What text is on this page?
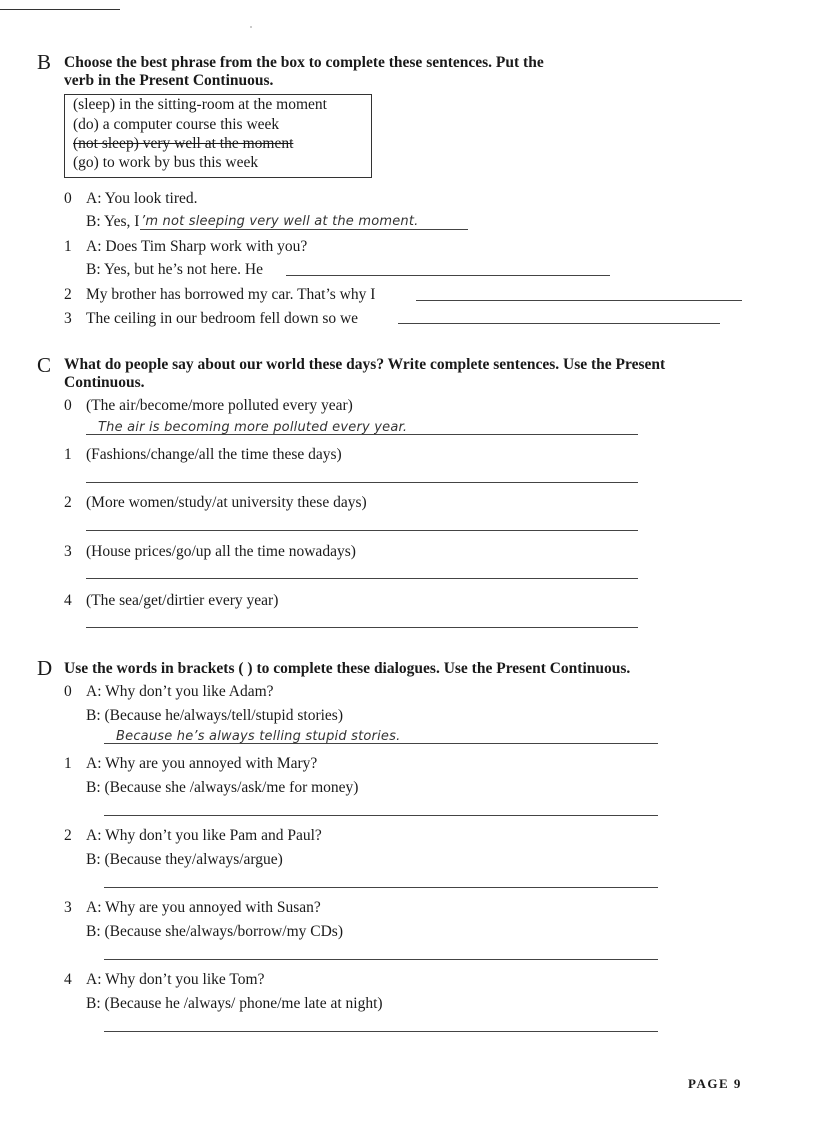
B Choose the best phrase from the box to complete these sentences. Put the
verb in the Present Continuous.
(sleep) in the sitting-room at the moment
(do) a computer course this week
(not sleep) very well at the moment
(go) to work by bus this week
0 A: You look tired.
B: Yes, I ’m not sleeping very well at the moment.
1 A: Does Tim Sharp work with you?
B: Yes, but he’s not here. He
2 My brother has borrowed my car. That’s why I
3 The ceiling in our bedroom fell down so we
C What do people say about our world these days? Write complete sentences. Use the Present
Continuous.
0 (The air/become/more polluted every year)
The air is becoming more polluted every year.
1 (Fashions/change/all the time these days)
2 (More women/study/at university these days)
3 (House prices/go/up all the time nowadays)
4 (The sea/get/dirtier every year)
D Use the words in brackets ( ) to complete these dialogues. Use the Present Continuous.
0 A: Why don’t you like Adam?
B: (Because he/always/tell/stupid stories)
Because he’s always telling stupid stories.
1 A: Why are you annoyed with Mary?
B: (Because she /always/ask/me for money)
2 A: Why don’t you like Pam and Paul?
B: (Because they/always/argue)
3 A: Why are you annoyed with Susan?
B: (Because she/always/borrow/my CDs)
4 A: Why don’t you like Tom?
B: (Because he /always/ phone/me late at night)
PAGE 9
